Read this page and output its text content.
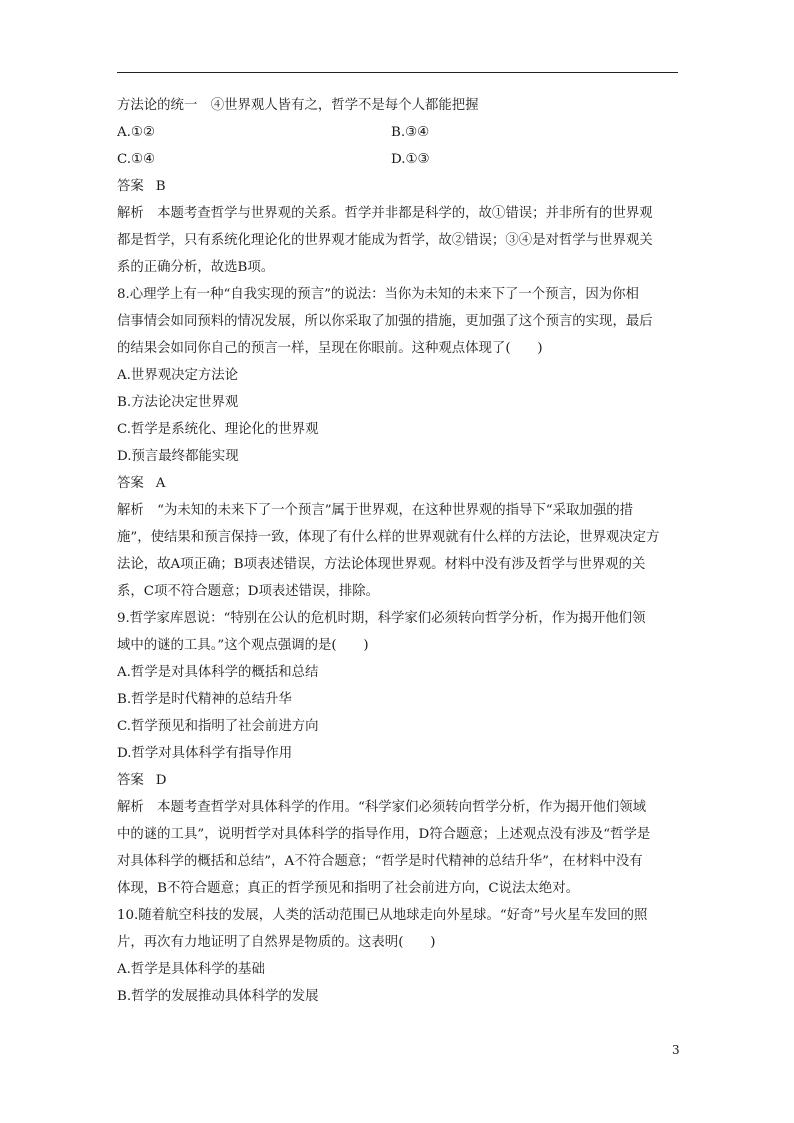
方法论的统一　④世界观人皆有之，哲学不是每个人都能把握
A.①②	B.③④
C.①④	D.①③
答案 B
解析　本题考查哲学与世界观的关系。哲学并非都是科学的，故①错误；并非所有的世界观
都是哲学，只有系统化理论化的世界观才能成为哲学，故②错误；③④是对哲学与世界观关
系的正确分析，故选B项。
8.心理学上有一种“自我实现的预言”的说法：当你为未知的未来下了一个预言，因为你相
信事情会如同预料的情况发展，所以你采取了加强的措施，更加强了这个预言的实现，最后
的结果会如同你自己的预言一样，呈现在你眼前。这种观点体现了(　　)
A.世界观决定方法论
B.方法论决定世界观
C.哲学是系统化、理论化的世界观
D.预言最终都能实现
答案 A
解析　“为未知的未来下了一个预言”属于世界观，在这种世界观的指导下“采取加强的措
施”，使结果和预言保持一致，体现了有什么样的世界观就有什么样的方法论，世界观决定方
法论，故A项正确；B项表述错误，方法论体现世界观。材料中没有涉及哲学与世界观的关
系，C项不符合题意；D项表述错误，排除。
9.哲学家库恩说：“特别在公认的危机时期，科学家们必须转向哲学分析，作为揭开他们领
域中的谜的工具。”这个观点强调的是(　　)
A.哲学是对具体科学的概括和总结
B.哲学是时代精神的总结升华
C.哲学预见和指明了社会前进方向
D.哲学对具体科学有指导作用
答案 D
解析　本题考查哲学对具体科学的作用。“科学家们必须转向哲学分析，作为揭开他们领域
中的谜的工具”，说明哲学对具体科学的指导作用，D符合题意；上述观点没有涉及“哲学是
对具体科学的概括和总结”，A不符合题意；“哲学是时代精神的总结升华”，在材料中没有
体现，B不符合题意；真正的哲学预见和指明了社会前进方向，C说法太绝对。
10.随着航空科技的发展，人类的活动范围已从地球走向外星球。“好奇”号火星车发回的照
片，再次有力地证明了自然界是物质的。这表明(　　)
A.哲学是具体科学的基础
B.哲学的发展推动具体科学的发展
3
